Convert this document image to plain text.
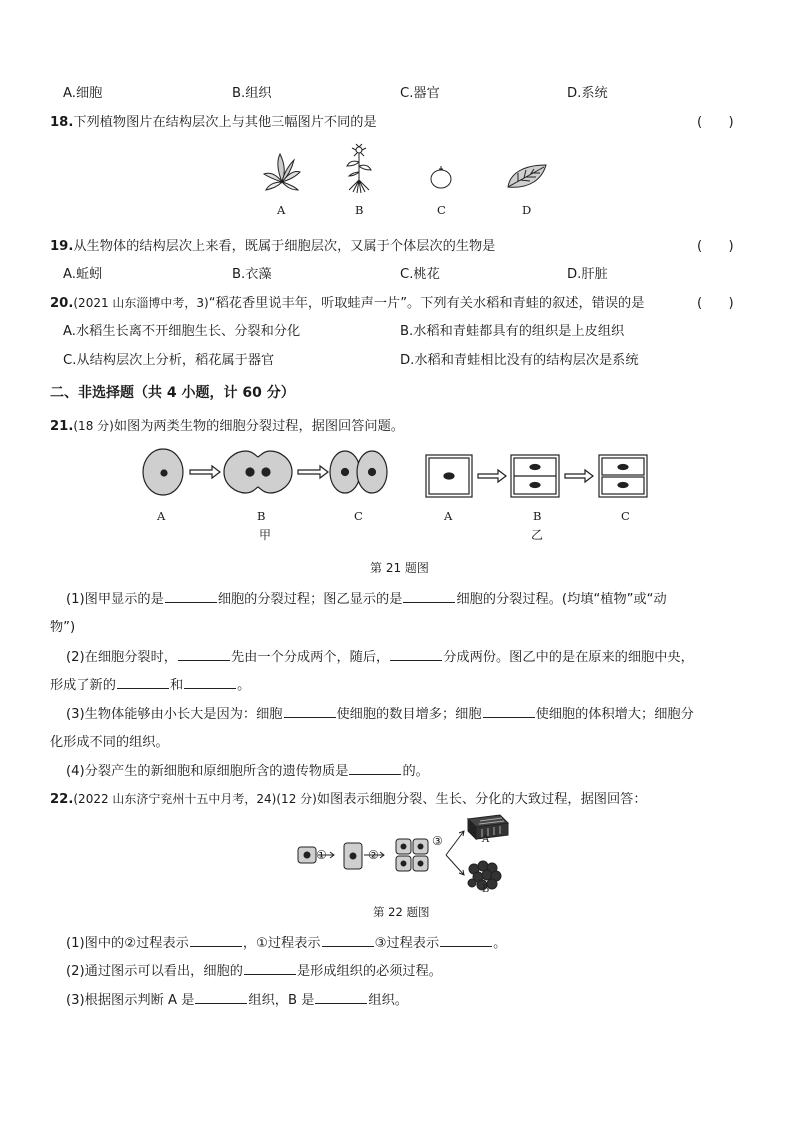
A.细胞	B.组织	C.器官	D.系统
18.下列植物图片在结构层次上与其他三幅图片不同的是	(　　)
A	B	C	D
19.从生物体的结构层次上来看，既属于细胞层次，又属于个体层次的生物是	(　　)
A.蚯蚓	B.衣藻	C.桃花	D.肝脏
20.(2021 山东淄博中考，3)“稻花香里说丰年，听取蛙声一片”。下列有关水稻和青蛙的叙述，错误的是	(　　)
A.水稻生长离不开细胞生长、分裂和分化	B.水稻和青蛙都具有的组织是上皮组织
C.从结构层次上分析，稻花属于器官	D.水稻和青蛙相比没有的结构层次是系统
二、非选择题（共 4 小题，计 60 分）
21.(18 分)如图为两类生物的细胞分裂过程，据图回答问题。
A	B	C	A	B	C
甲	乙
第 21 题图
(1)图甲显示的是	细胞的分裂过程；图乙显示的是	细胞的分裂过程。(均填“植物”或“动
物”)
(2)在细胞分裂时，	先由一个分成两个，随后，	分成两份。图乙中的是在原来的细胞中央，
形成了新的	和	。
(3)生物体能够由小长大是因为：细胞	使细胞的数目增多；细胞	使细胞的体积增大；细胞分
化形成不同的组织。
(4)分裂产生的新细胞和原细胞所含的遗传物质是	的。
22.(2022 山东济宁兖州十五中月考，24)(12 分)如图表示细胞分裂、生长、分化的大致过程，据图回答：
①	②
③	A
B
第 22 题图
(1)图中的②过程表示	，①过程表示	③过程表示	。
(2)通过图示可以看出，细胞的	是形成组织的必须过程。
(3)根据图示判断 A 是	组织，B 是	组织。
